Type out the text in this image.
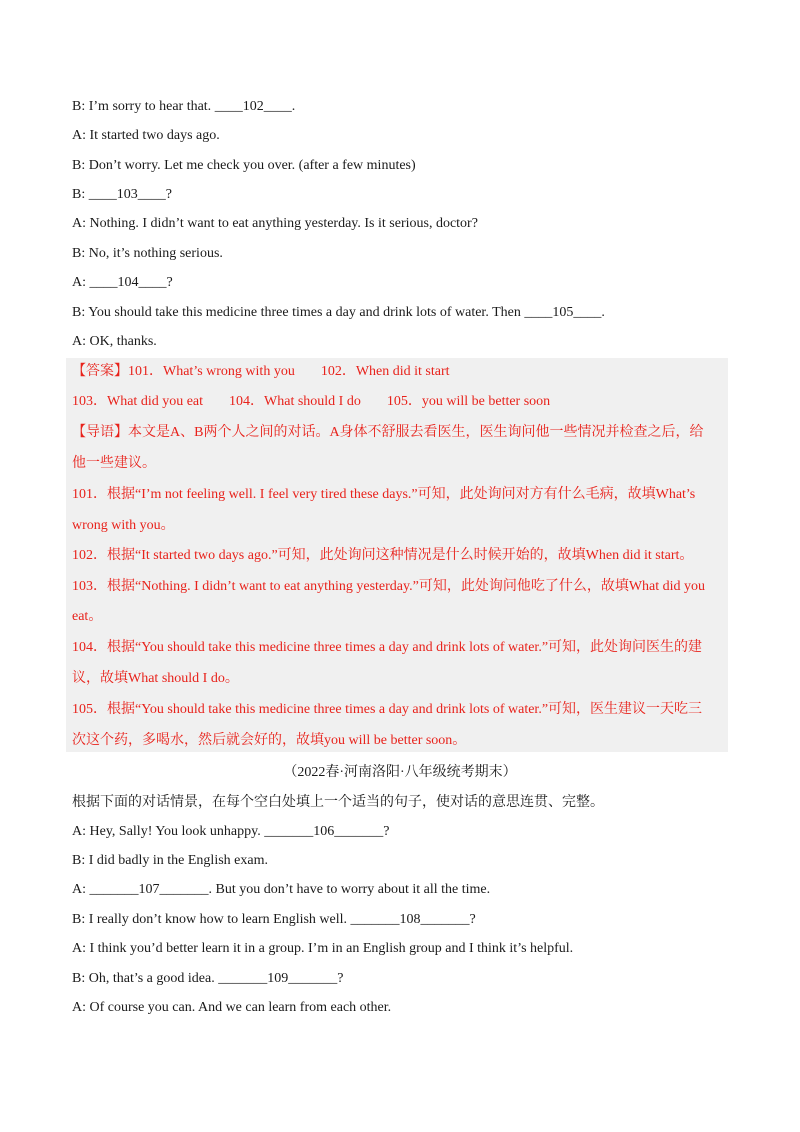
B: I’m sorry to hear that. ____102____.
A: It started two days ago.
B: Don’t worry. Let me check you over. (after a few minutes)
B: ____103____?
A: Nothing. I didn’t want to eat anything yesterday. Is it serious, doctor?
B: No, it’s nothing serious.
A: ____104____?
B: You should take this medicine three times a day and drink lots of water. Then ____105____.
A: OK, thanks.
【答案】101．What’s wrong with you 102．When did it start
103．What did you eat 104．What should I do 105．you will be better soon
【导语】本文是A、B两个人之间的对话。A身体不舒服去看医生，医生询问他一些情况并检查之后，给
他一些建议。
101．根据“I’m not feeling well. I feel very tired these days.”可知，此处询问对方有什么毛病，故填What’s
wrong with you。
102．根据“It started two days ago.”可知，此处询问这种情况是什么时候开始的，故填When did it start。
103．根据“Nothing. I didn’t want to eat anything yesterday.”可知，此处询问他吃了什么，故填What did you
eat。
104．根据“You should take this medicine three times a day and drink lots of water.”可知，此处询问医生的建
议，故填What should I do。
105．根据“You should take this medicine three times a day and drink lots of water.”可知，医生建议一天吃三
次这个药，多喝水，然后就会好的，故填you will be better soon。
（2022春·河南洛阳·八年级统考期末）
根据下面的对话情景，在每个空白处填上一个适当的句子，使对话的意思连贯、完整。
A: Hey, Sally! You look unhappy. _______106_______?
B: I did badly in the English exam.
A: _______107_______. But you don’t have to worry about it all the time.
B: I really don’t know how to learn English well. _______108_______?
A: I think you’d better learn it in a group. I’m in an English group and I think it’s helpful.
B: Oh, that’s a good idea. _______109_______?
A: Of course you can. And we can learn from each other.
